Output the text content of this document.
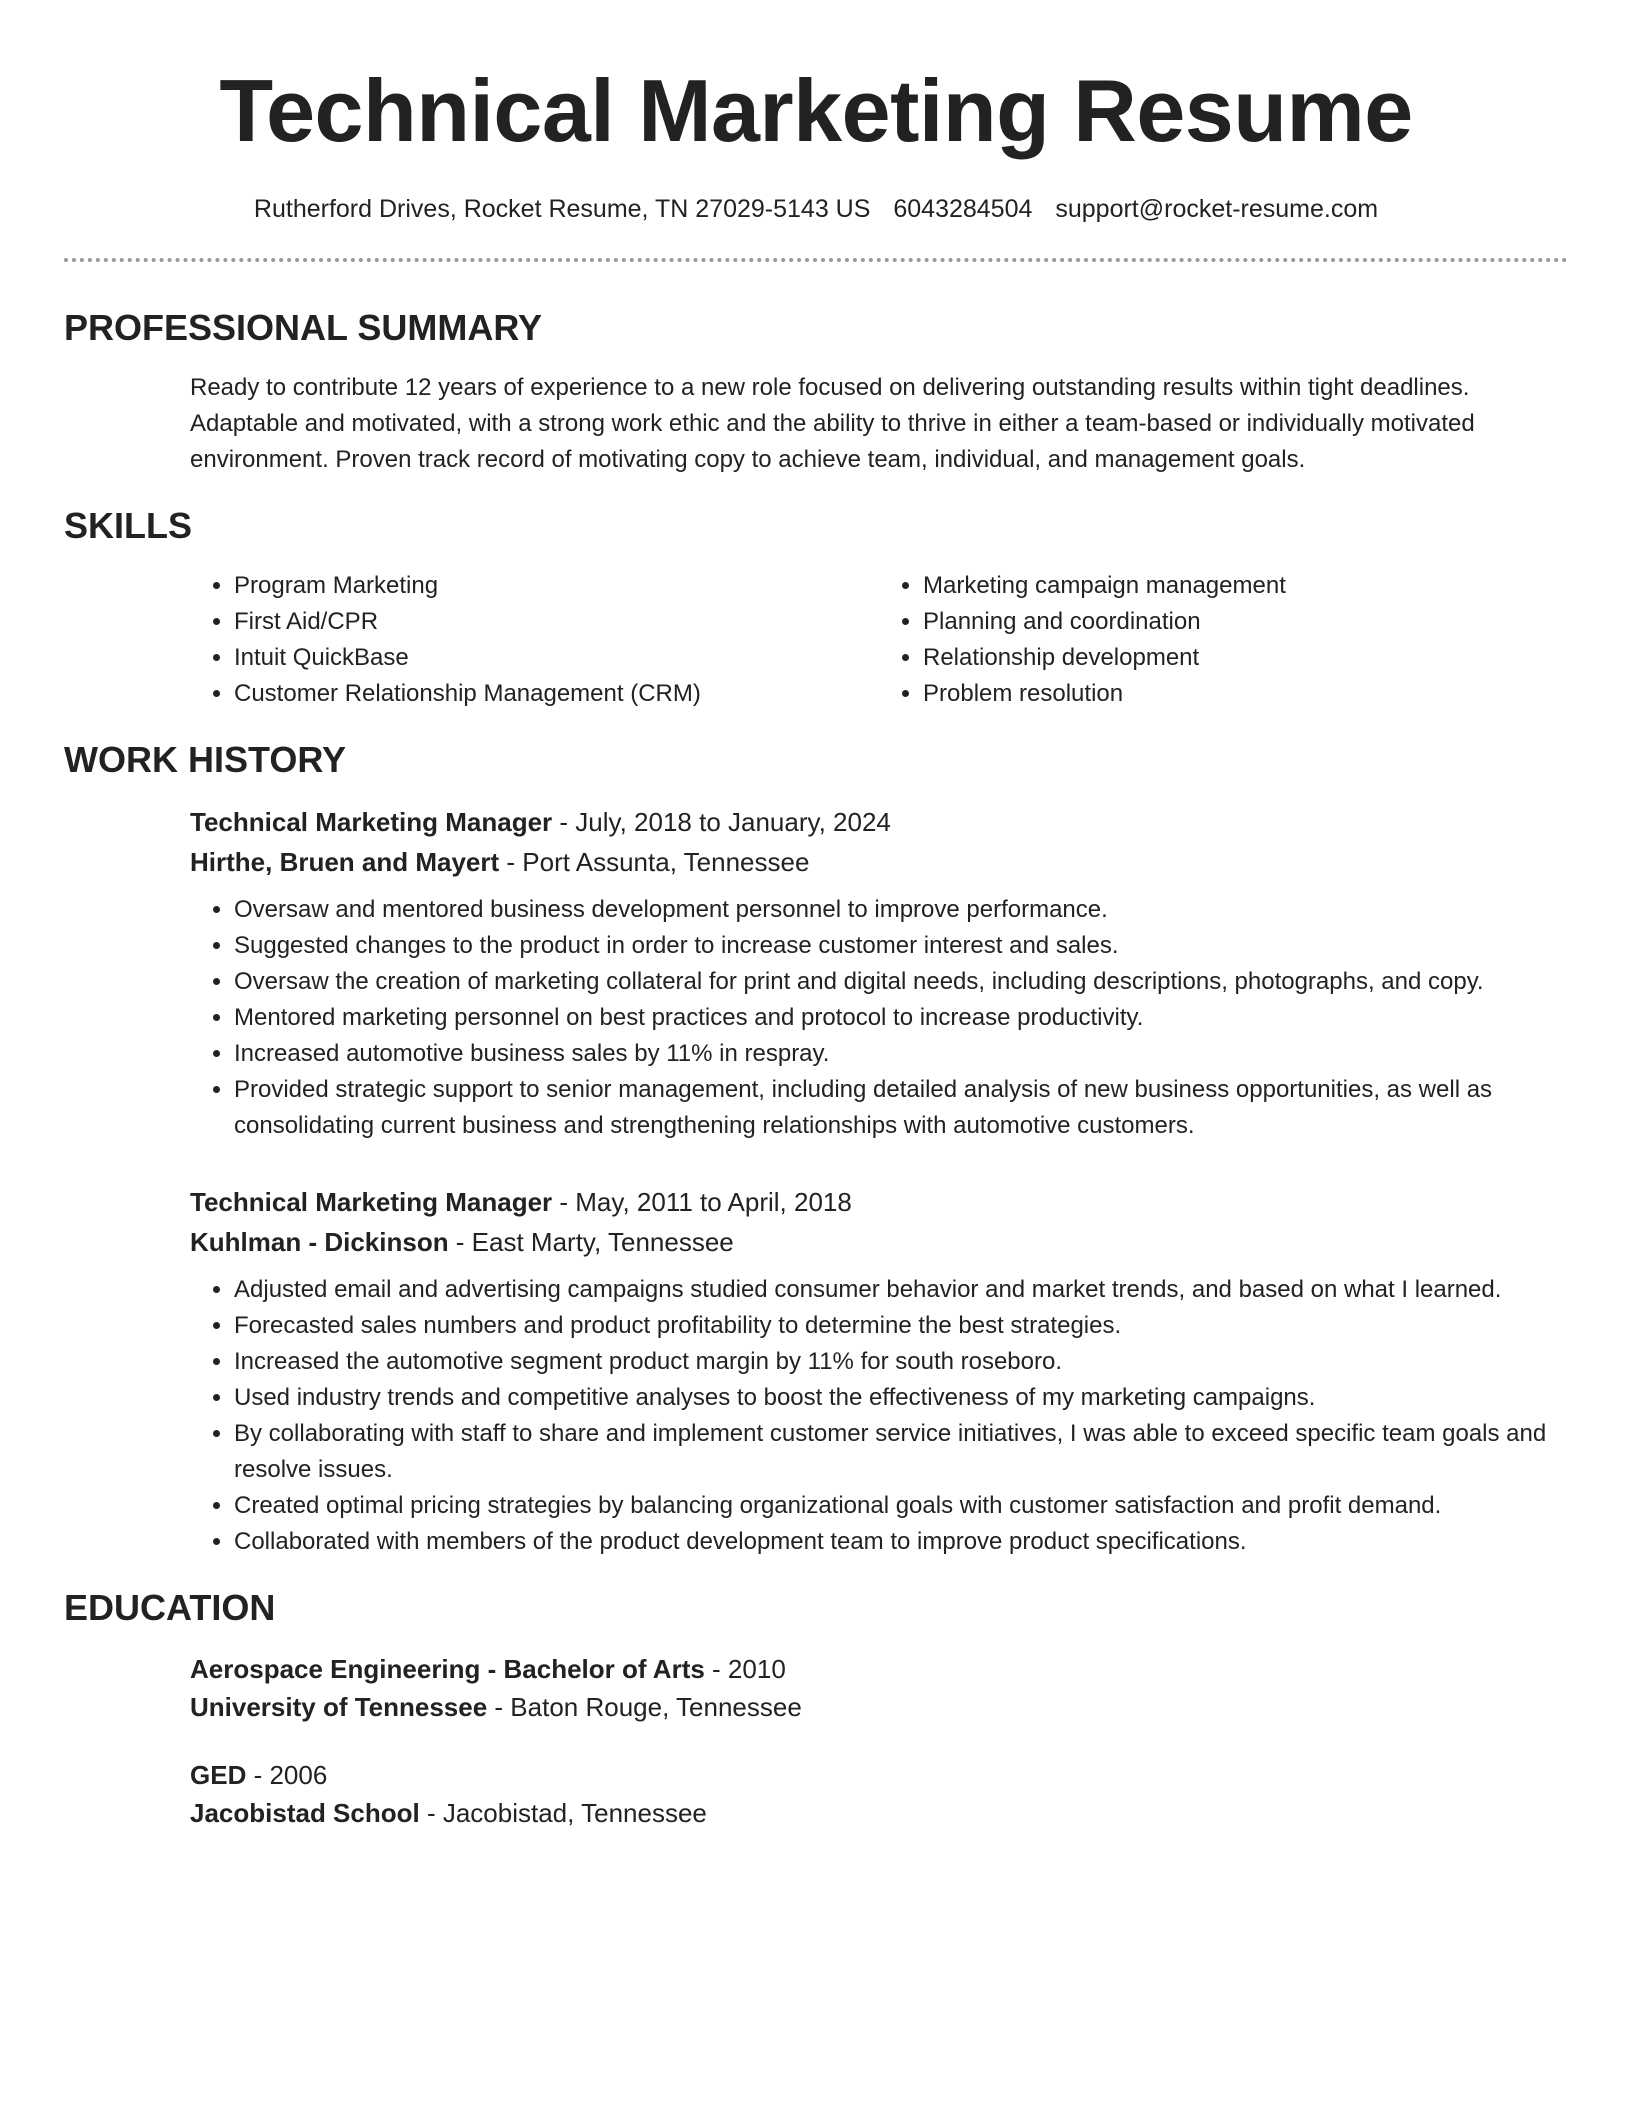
Technical Marketing Resume
Rutherford Drives, Rocket Resume, TN 27029-5143 US 6043284504 support@rocket-resume.com
PROFESSIONAL SUMMARY
Ready to contribute 12 years of experience to a new role focused on delivering outstanding results within tight deadlines. Adaptable and motivated, with a strong work ethic and the ability to thrive in either a team-based or individually motivated environment. Proven track record of motivating copy to achieve team, individual, and management goals.
SKILLS
• Program Marketing
• First Aid/CPR
• Intuit QuickBase
• Customer Relationship Management (CRM)
• Marketing campaign management
• Planning and coordination
• Relationship development
• Problem resolution
WORK HISTORY
Technical Marketing Manager - July, 2018 to January, 2024
Hirthe, Bruen and Mayert - Port Assunta, Tennessee
• Oversaw and mentored business development personnel to improve performance.
• Suggested changes to the product in order to increase customer interest and sales.
• Oversaw the creation of marketing collateral for print and digital needs, including descriptions, photographs, and copy.
• Mentored marketing personnel on best practices and protocol to increase productivity.
• Increased automotive business sales by 11% in respray.
• Provided strategic support to senior management, including detailed analysis of new business opportunities, as well as consolidating current business and strengthening relationships with automotive customers.
Technical Marketing Manager - May, 2011 to April, 2018
Kuhlman - Dickinson - East Marty, Tennessee
• Adjusted email and advertising campaigns studied consumer behavior and market trends, and based on what I learned.
• Forecasted sales numbers and product profitability to determine the best strategies.
• Increased the automotive segment product margin by 11% for south roseboro.
• Used industry trends and competitive analyses to boost the effectiveness of my marketing campaigns.
• By collaborating with staff to share and implement customer service initiatives, I was able to exceed specific team goals and resolve issues.
• Created optimal pricing strategies by balancing organizational goals with customer satisfaction and profit demand.
• Collaborated with members of the product development team to improve product specifications.
EDUCATION
Aerospace Engineering - Bachelor of Arts - 2010
University of Tennessee - Baton Rouge, Tennessee
GED - 2006
Jacobistad School - Jacobistad, Tennessee
